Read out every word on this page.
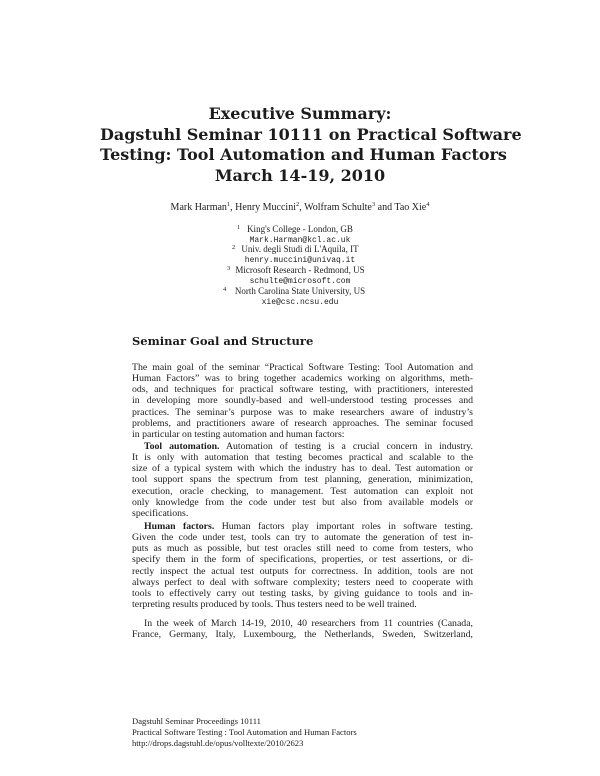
Executive Summary:
Dagstuhl Seminar 10111 on Practical Software
Testing: Tool Automation and Human Factors
March 14-19, 2010
Mark Harman$^1$, Henry Muccini$^2$, Wolfram Schulte$^3$ and Tao Xie$^4$
1 King's College - London, GB
Mark.Harman@kcl.ac.uk
2 Univ. degli Studi di L'Aquila, IT
henry.muccini@univaq.it
3 Microsoft Research - Redmond, US
schulte@microsoft.com
4 North Carolina State University, US
xie@csc.ncsu.edu
Seminar Goal and Structure
The main goal of the seminar “Practical Software Testing: Tool Automation and
Human Factors” was to bring together academics working on algorithms, meth-
ods, and techniques for practical software testing, with practitioners, interested
in developing more soundly-based and well-understood testing processes and
practices. The seminar’s purpose was to make researchers aware of industry’s
problems, and practitioners aware of research approaches. The seminar focused
in particular on testing automation and human factors:
Tool automation. Automation of testing is a crucial concern in industry.
It is only with automation that testing becomes practical and scalable to the
size of a typical system with which the industry has to deal. Test automation or
tool support spans the spectrum from test planning, generation, minimization,
execution, oracle checking, to management. Test automation can exploit not
only knowledge from the code under test but also from available models or
specifications.
Human factors. Human factors play important roles in software testing.
Given the code under test, tools can try to automate the generation of test in-
puts as much as possible, but test oracles still need to come from testers, who
specify them in the form of specifications, properties, or test assertions, or di-
rectly inspect the actual test outputs for correctness. In addition, tools are not
always perfect to deal with software complexity; testers need to cooperate with
tools to effectively carry out testing tasks, by giving guidance to tools and in-
terpreting results produced by tools. Thus testers need to be well trained.
In the week of March 14-19, 2010, 40 researchers from 11 countries (Canada,
France, Germany, Italy, Luxembourg, the Netherlands, Sweden, Switzerland,
Dagstuhl Seminar Proceedings 10111
Practical Software Testing : Tool Automation and Human Factors
http://drops.dagstuhl.de/opus/volltexte/2010/2623
